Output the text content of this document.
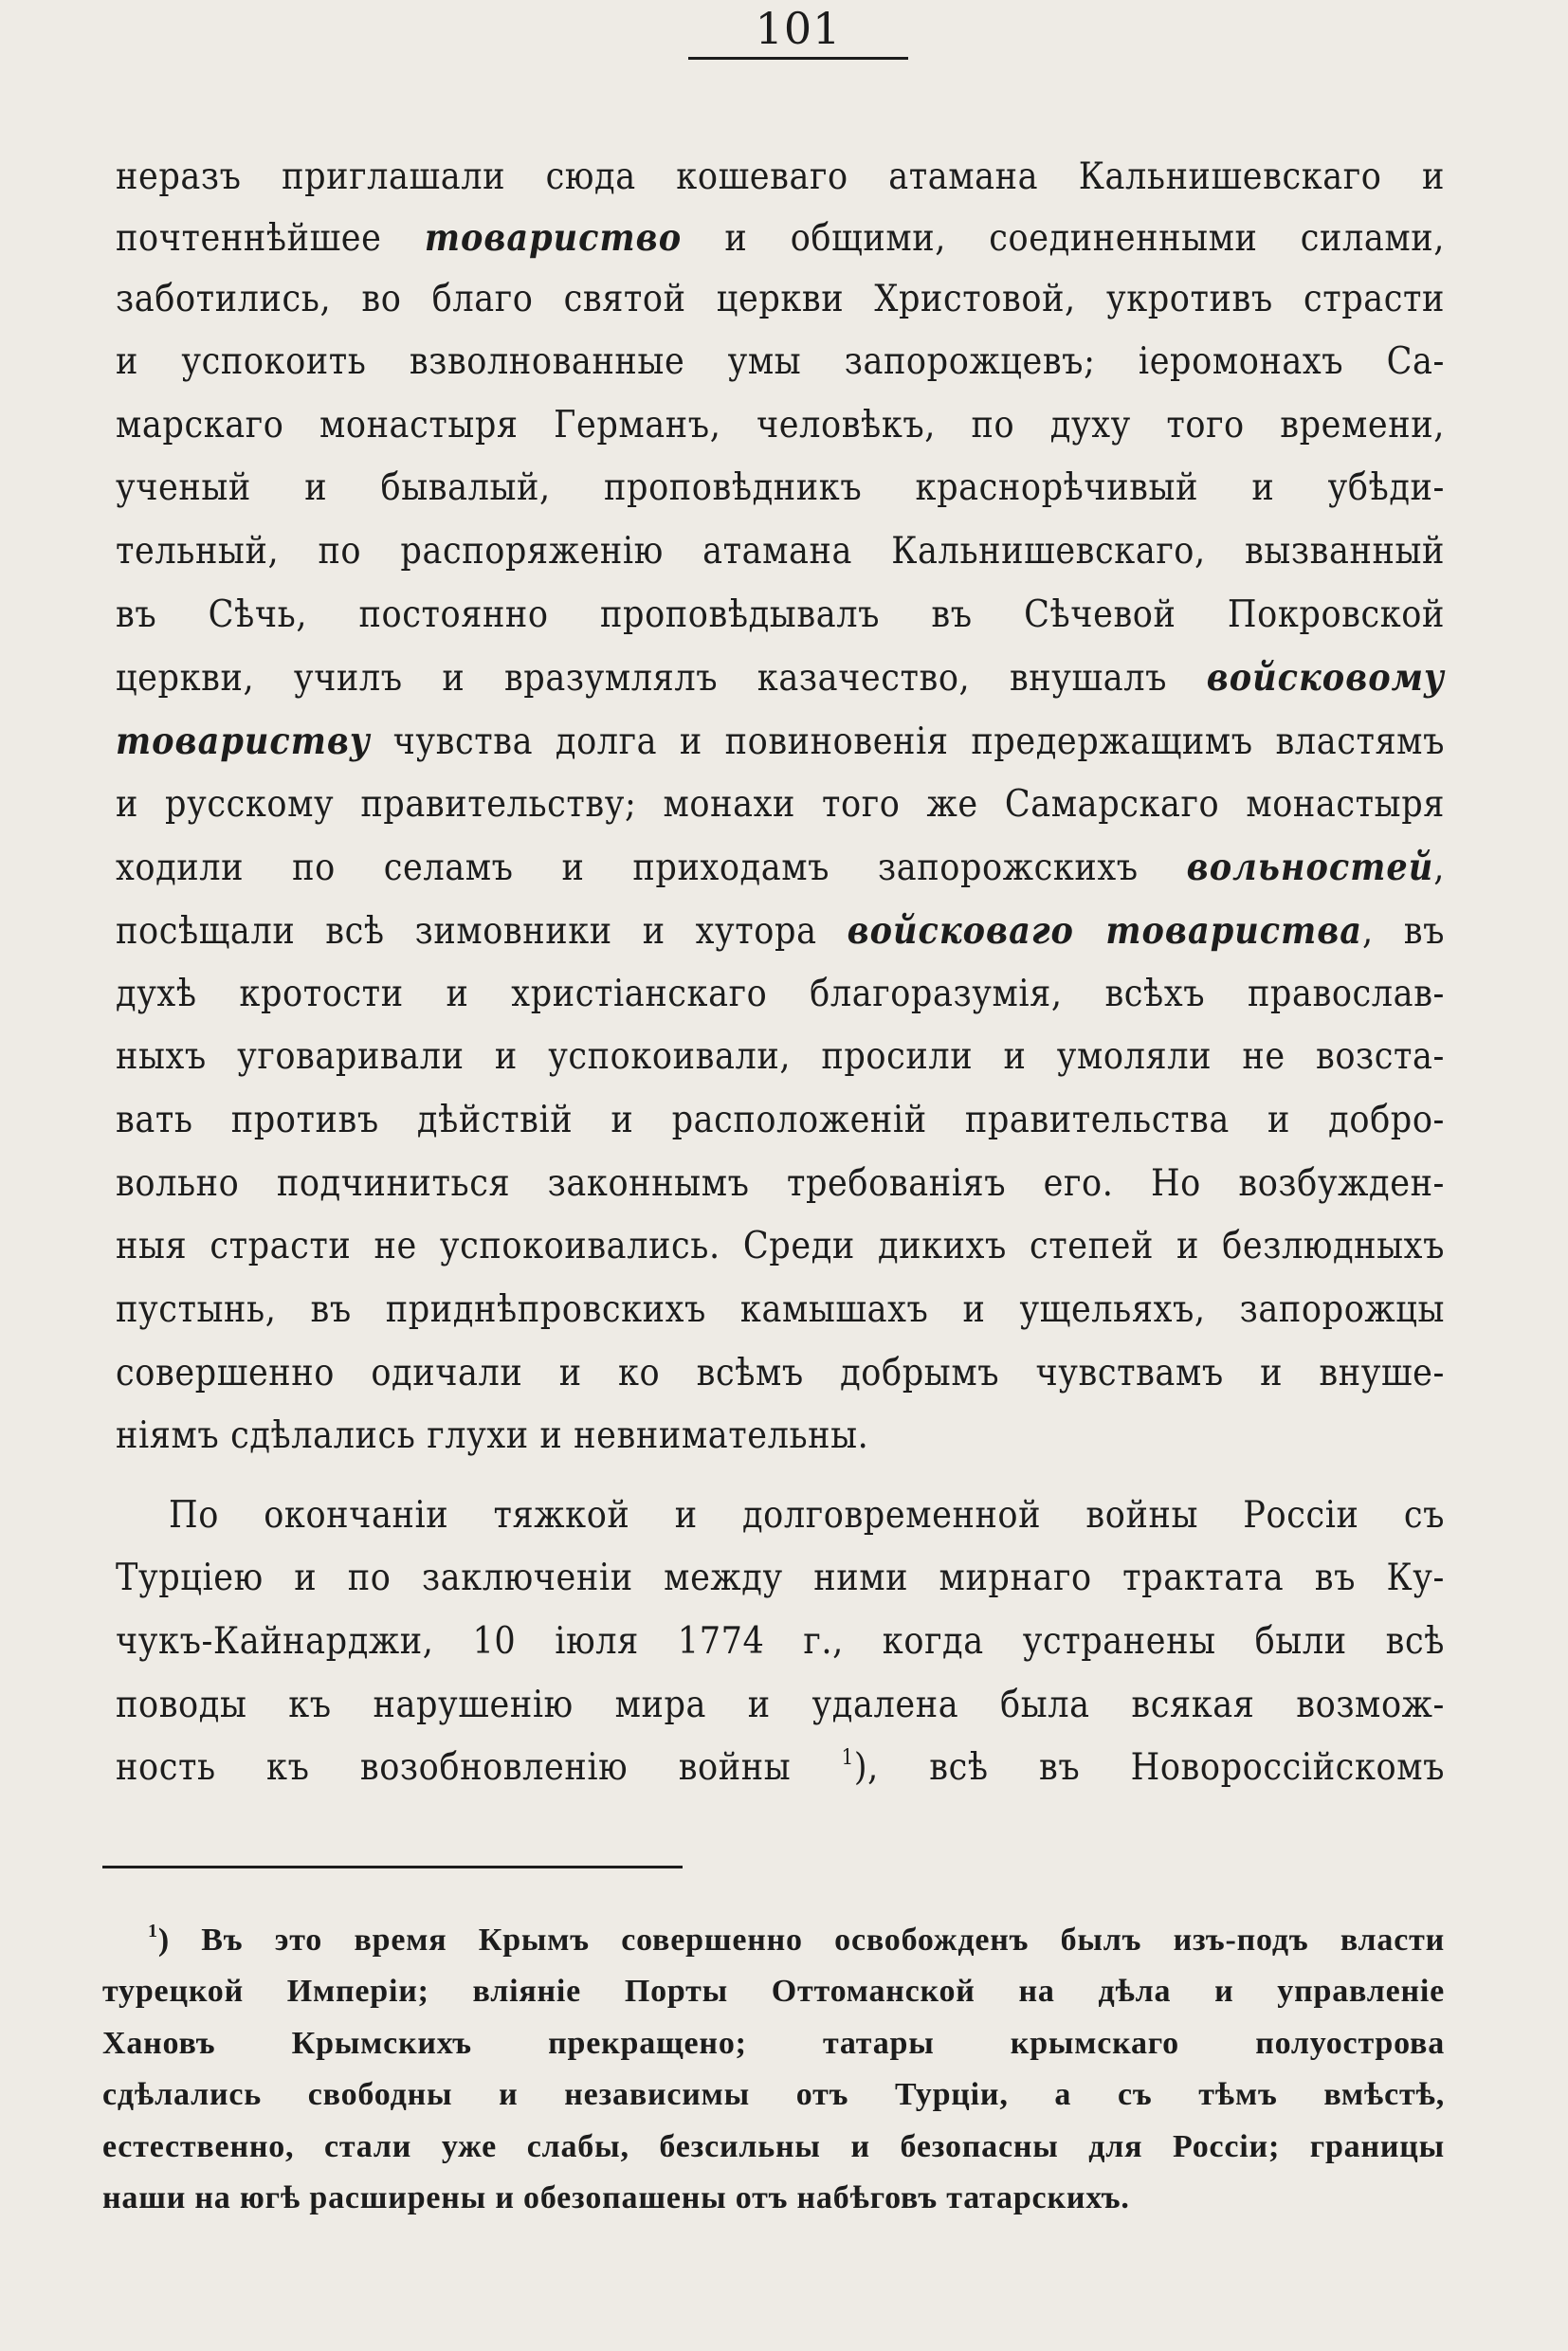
101
неразъ приглашали сюда кошеваго атамана Кальнишевскаго и
почтеннѣйшее товариство и общими, соединенными силами,
заботились, во благо святой церкви Христовой, укротивъ страсти
и успокоить взволнованные умы запорожцевъ; іеромонахъ Са-
марскаго монастыря Германъ, человѣкъ, по духу того времени,
ученый и бывалый, проповѣдникъ краснорѣчивый и убѣди-
тельный, по распоряженію атамана Кальнишевскаго, вызванный
въ Сѣчь, постоянно проповѣдывалъ въ Сѣчевой Покровской
церкви, училъ и вразумлялъ казачество, внушалъ войсковому
товариству чувства долга и повиновенія предержащимъ властямъ
и русскому правительству; монахи того же Самарскаго монастыря
ходили по селамъ и приходамъ запорожскихъ вольностей,
посѣщали всѣ зимовники и хутора войсковаго товариства, въ
духѣ кротости и христіанскаго благоразумія, всѣхъ православ-
ныхъ уговаривали и успокоивали, просили и умоляли не возста-
вать противъ дѣйствій и расположеній правительства и добро-
вольно подчиниться законнымъ требованіяъ его. Но возбужден-
ныя страсти не успокоивались. Среди дикихъ степей и безлюдныхъ
пустынь, въ приднѣпровскихъ камышахъ и ущельяхъ, запорожцы
совершенно одичали и ко всѣмъ добрымъ чувствамъ и внуше-
ніямъ сдѣлались глухи и невнимательны.
По окончаніи тяжкой и долговременной войны Россіи съ
Турціею и по заключеніи между ними мирнаго трактата въ Ку-
чукъ-Кайнарджи, 10 іюля 1774 г., когда устранены были всѣ
поводы къ нарушенію мира и удалена была всякая возмож-
ность къ возобновленію войны $^1$), всѣ въ Новороссійскомъ
$^1$) Въ это время Крымъ совершенно освобожденъ былъ изъ-подъ власти
турецкой Имперіи; вліяніе Порты Оттоманской на дѣла и управленіе
Хановъ Крымскихъ прекращено; татары крымскаго полуострова
сдѣлались свободны и независимы отъ Турціи, а съ тѣмъ вмѣстѣ,
естественно, стали уже слабы, безсильны и безопасны для Россіи; границы
наши на югѣ расширены и обезопашены отъ набѣговъ татарскихъ.
